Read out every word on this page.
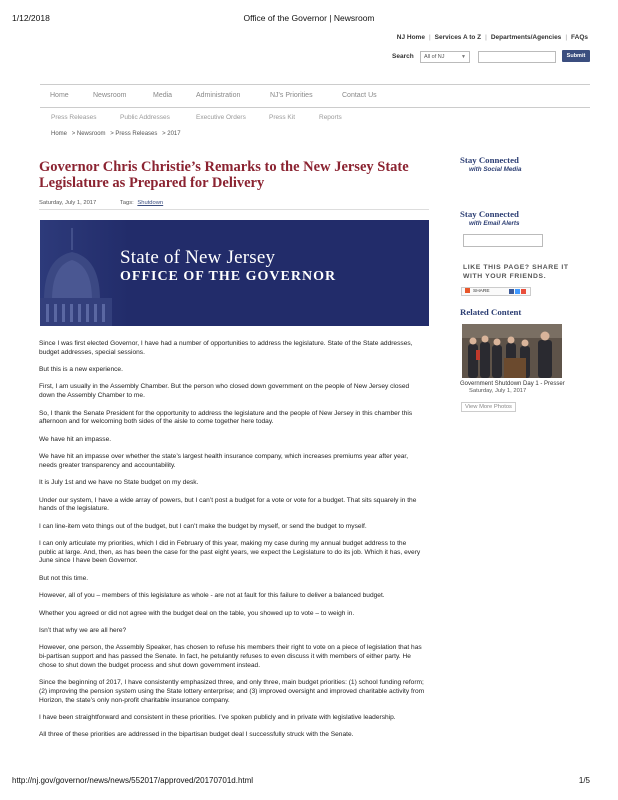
1/12/2018	Office of the Governor | Newsroom
NJ Home | Services A to Z | Departments/Agencies | FAQs
Search	All of NJ	▼	Submit
Home	Newsroom	Media	Administration	NJ's Priorities	Contact Us
Press Releases	Public Addresses	Executive Orders	Press Kit	Reports
Home > Newsroom > Press Releases > 2017
Governor Chris Christie’s Remarks to the New Jersey State Legislature as Prepared for Delivery
Saturday, July 1, 2017	Tags: Shutdown
State of New Jersey
OFFICE OF THE GOVERNOR

Since I was first elected Governor, I have had a number of opportunities to address the legislature. State of the State addresses, budget addresses, special sessions.

But this is a new experience.

First, I am usually in the Assembly Chamber. But the person who closed down government on the people of New Jersey closed down the Assembly Chamber to me.

So, I thank the Senate President for the opportunity to address the legislature and the people of New Jersey in this chamber this afternoon and for welcoming both sides of the aisle to come together here today.

We have hit an impasse.

We have hit an impasse over whether the state’s largest health insurance company, which increases premiums year after year, needs greater transparency and accountability.

It is July 1st and we have no State budget on my desk.

Under our system, I have a wide array of powers, but I can’t post a budget for a vote or vote for a budget. That sits squarely in the hands of the legislature.

I can line-item veto things out of the budget, but I can’t make the budget by myself, or send the budget to myself.

I can only articulate my priorities, which I did in February of this year, making my case during my annual budget address to the public at large. And, then, as has been the case for the past eight years, we expect the Legislature to do its job. Which it has, every June since I have been Governor.

But not this time.

However, all of you – members of this legislature as whole - are not at fault for this failure to deliver a balanced budget.

Whether you agreed or did not agree with the budget deal on the table, you showed up to vote – to weigh in.

Isn’t that why we are all here?

However, one person, the Assembly Speaker, has chosen to refuse his members their right to vote on a piece of legislation that has bi-partisan support and has passed the Senate. In fact, he petulantly refuses to even discuss it with members of either party. He chose to shut down the budget process and shut down government instead.

Since the beginning of 2017, I have consistently emphasized three, and only three, main budget priorities: (1) school funding reform; (2) improving the pension system using the State lottery enterprise; and (3) improved oversight and improved charitable activity from Horizon, the state’s only non-profit charitable insurance company.

I have been straightforward and consistent in these priorities. I’ve spoken publicly and in private with legislative leadership.

All three of these priorities are addressed in the bipartisan budget deal I successfully struck with the Senate.

Stay Connected
with Social Media
Stay Connected
with Email Alerts
LIKE THIS PAGE? SHARE IT
WITH YOUR FRIENDS.
SHARE
Related Content
Government Shutdown Day 1 - Presser
Saturday, July 1, 2017
View More Photos
http://nj.gov/governor/news/news/552017/approved/20170701d.html	1/5
